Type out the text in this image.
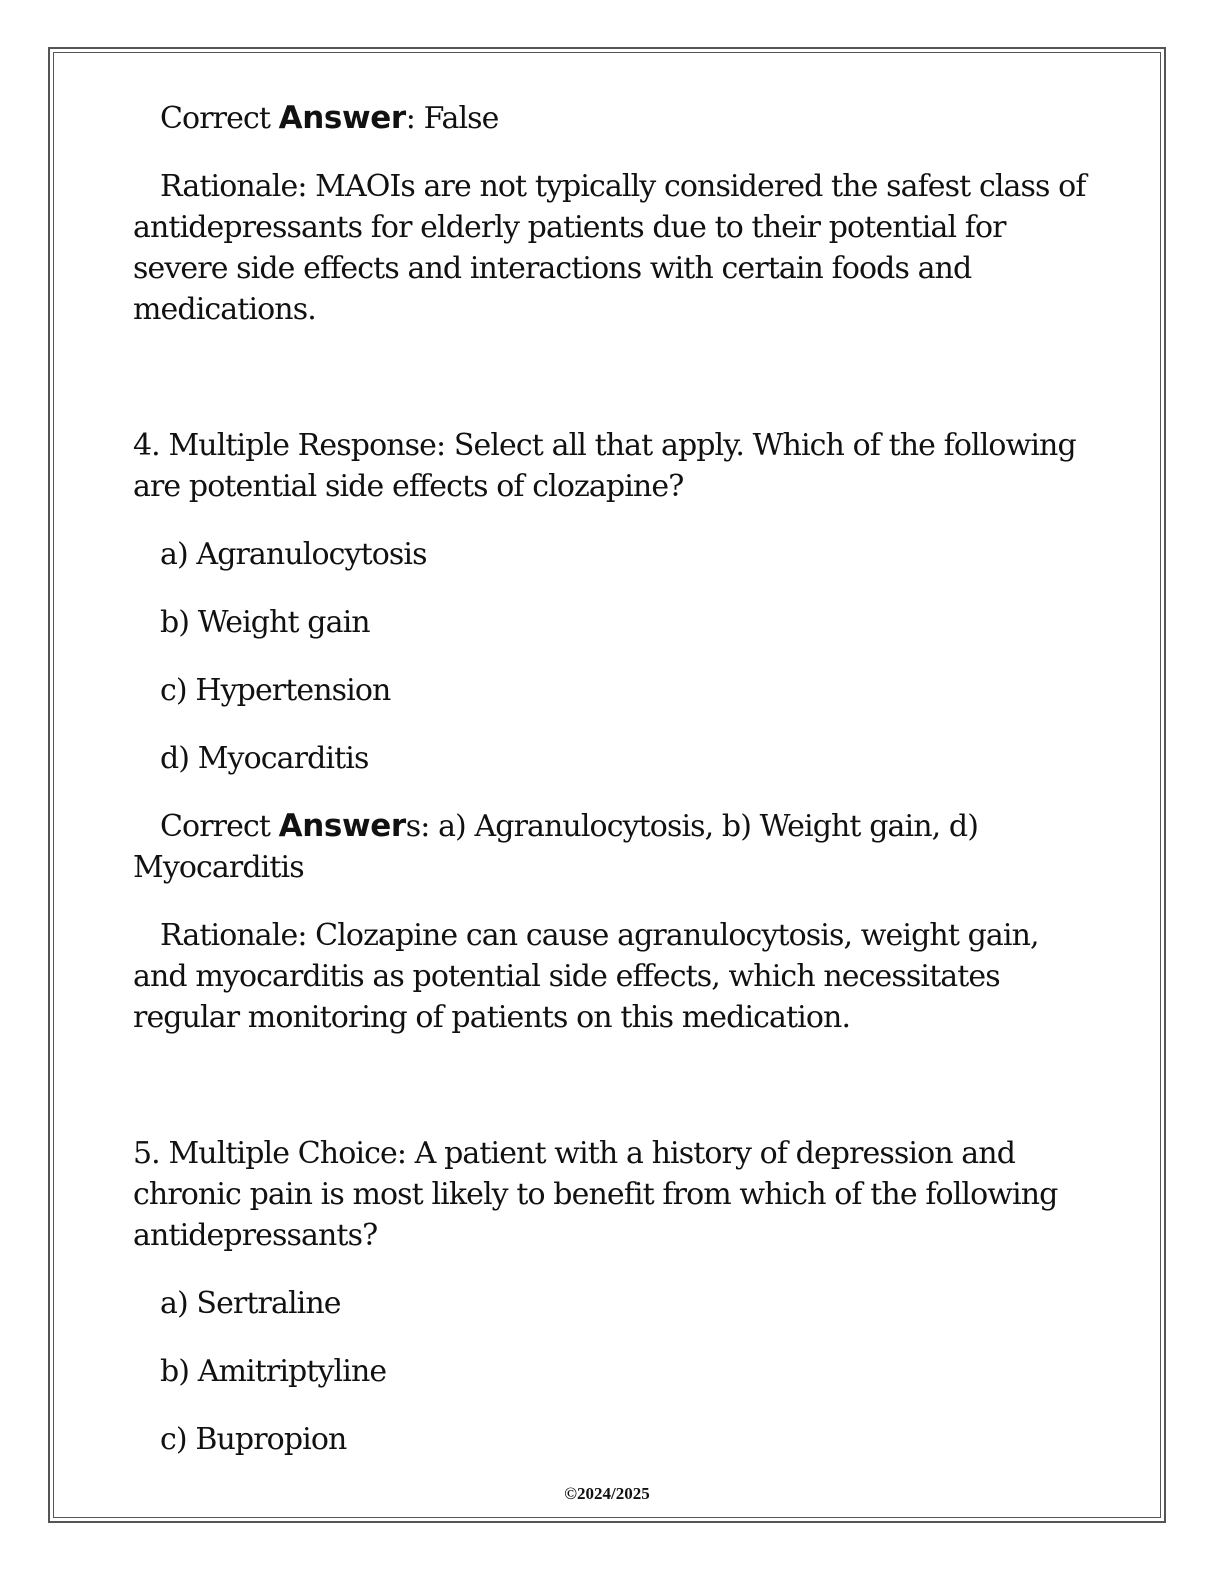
Correct Answer: False

Rationale: MAOIs are not typically considered the safest class of antidepressants for elderly patients due to their potential for severe side effects and interactions with certain foods and medications.

4. Multiple Response: Select all that apply. Which of the following are potential side effects of clozapine?

a) Agranulocytosis

b) Weight gain

c) Hypertension

d) Myocarditis

Correct Answers: a) Agranulocytosis, b) Weight gain, d) Myocarditis

Rationale: Clozapine can cause agranulocytosis, weight gain, and myocarditis as potential side effects, which necessitates regular monitoring of patients on this medication.

5. Multiple Choice: A patient with a history of depression and chronic pain is most likely to benefit from which of the following antidepressants?

a) Sertraline

b) Amitriptyline

c) Bupropion

©2024/2025
